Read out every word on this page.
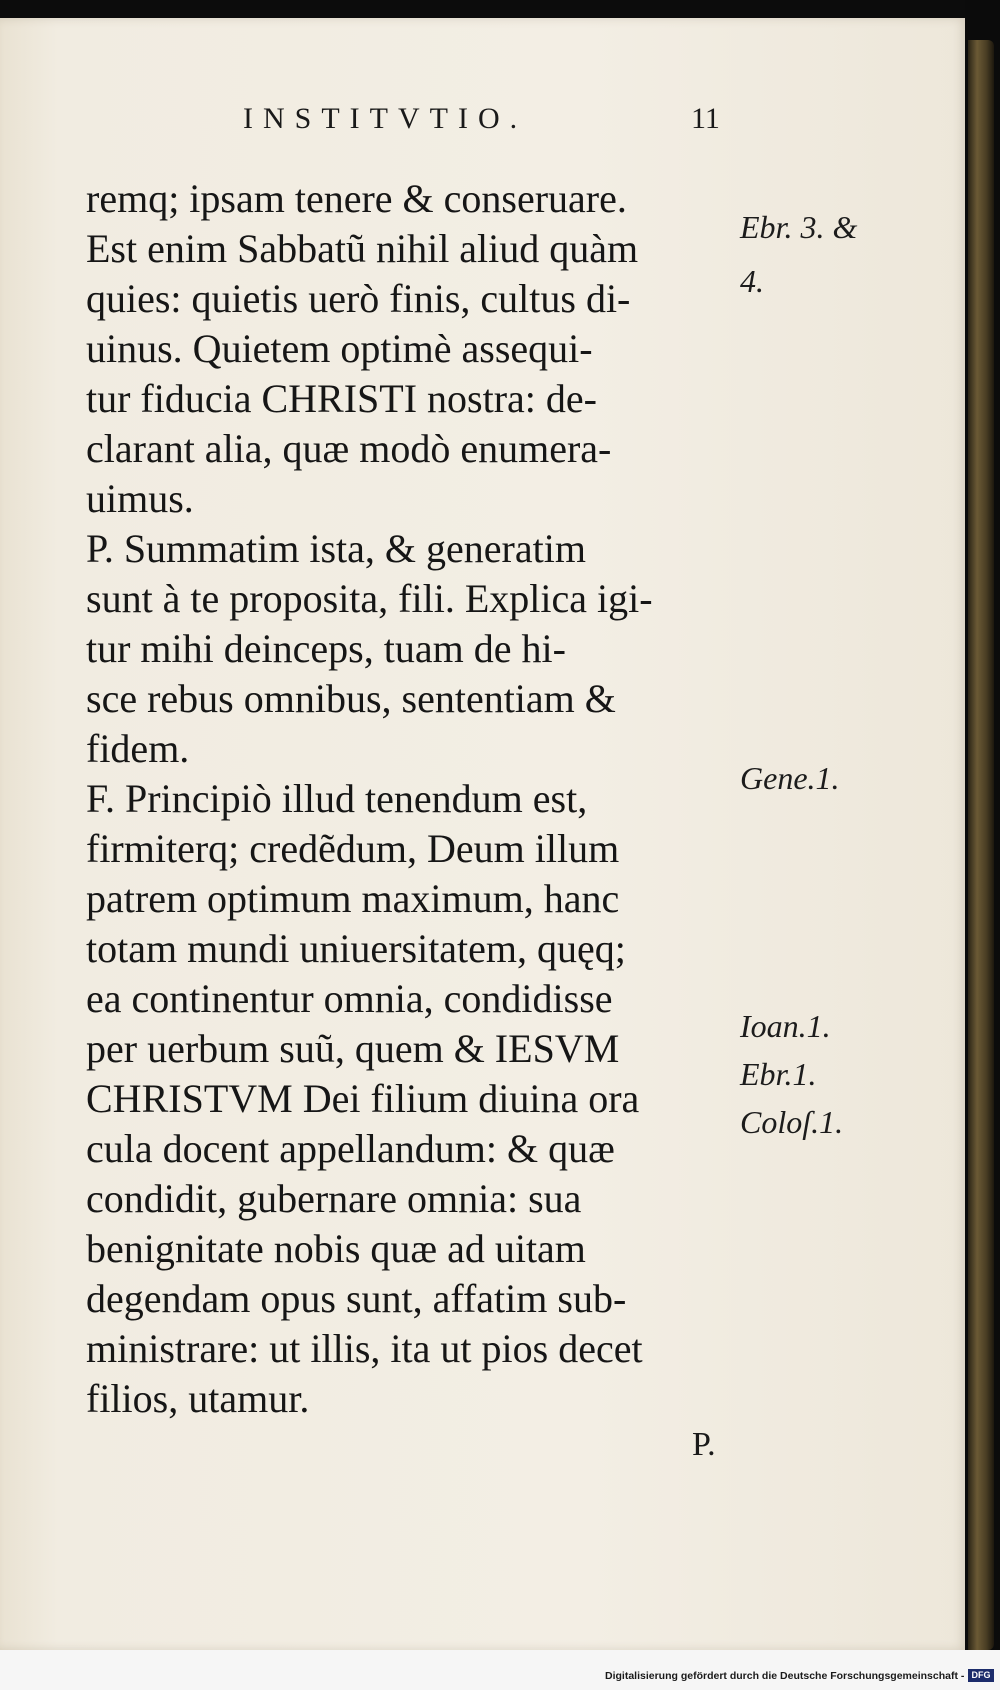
INSTITVTIO.	11
remq; ipsam tenere & conseruare.
Est enim Sabbatũ nihil aliud quàm
quies: quietis uerò finis, cultus di-
uinus. Quietem optimè assequi-
tur fiducia CHRISTI nostra: de-
clarant alia, quæ modò enumera-
uimus.
P. Summatim ista, & generatim
sunt à te proposita, fili. Explica igi-
tur mihi deinceps, tuam de hi-
sce rebus omnibus, sententiam &
fidem.
F. Principiò illud tenendum est,
firmiterq; credẽdum, Deum illum
patrem optimum maximum, hanc
totam mundi uniuersitatem, quęq;
ea continentur omnia, condidisse
per uerbum suũ, quem & IESVM
CHRISTVM Dei filium diuina ora
cula docent appellandum: & quæ
condidit, gubernare omnia: sua
benignitate nobis quæ ad uitam
degendam opus sunt, affatim sub-
ministrare: ut illis, ita ut pios decet
filios, utamur.
Ebr. 3. &
4.
Gene.1.
Ioan.1.
Ebr.1.
Coloſ.1.
P.
Digitalisierung gefördert durch die Deutsche Forschungsgemeinschaft - DFG
